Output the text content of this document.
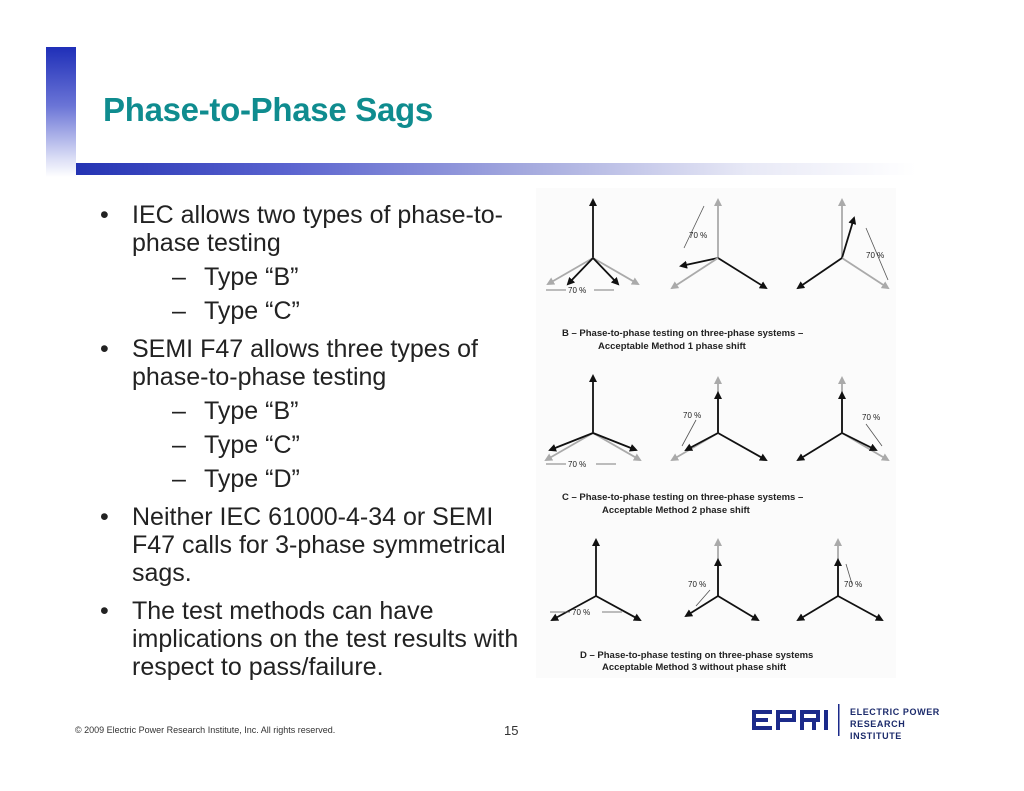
Phase-to-Phase Sags
• IEC allows two types of phase-to-phase testing
– Type “B”
– Type “C”
• SEMI F47 allows three types of phase-to-phase testing
– Type “B”
– Type “C”
– Type “D”
• Neither IEC 61000-4-34 or SEMI F47 calls for 3-phase symmetrical sags.
• The test methods can have implications on the test results with respect to pass/failure.
70 %
70 %
70 %
B – Phase-to-phase testing on three-phase systems –
Acceptable Method 1 phase shift
70 %
70 %	70 %
C – Phase-to-phase testing on three-phase systems –
Acceptable Method 2 phase shift
70 %
70 %	70 %
D – Phase-to-phase testing on three-phase systems
Acceptable Method 3 without phase shift
© 2009 Electric Power Research Institute, Inc. All rights reserved.	15
ELECTRIC POWER
RESEARCH INSTITUTE
